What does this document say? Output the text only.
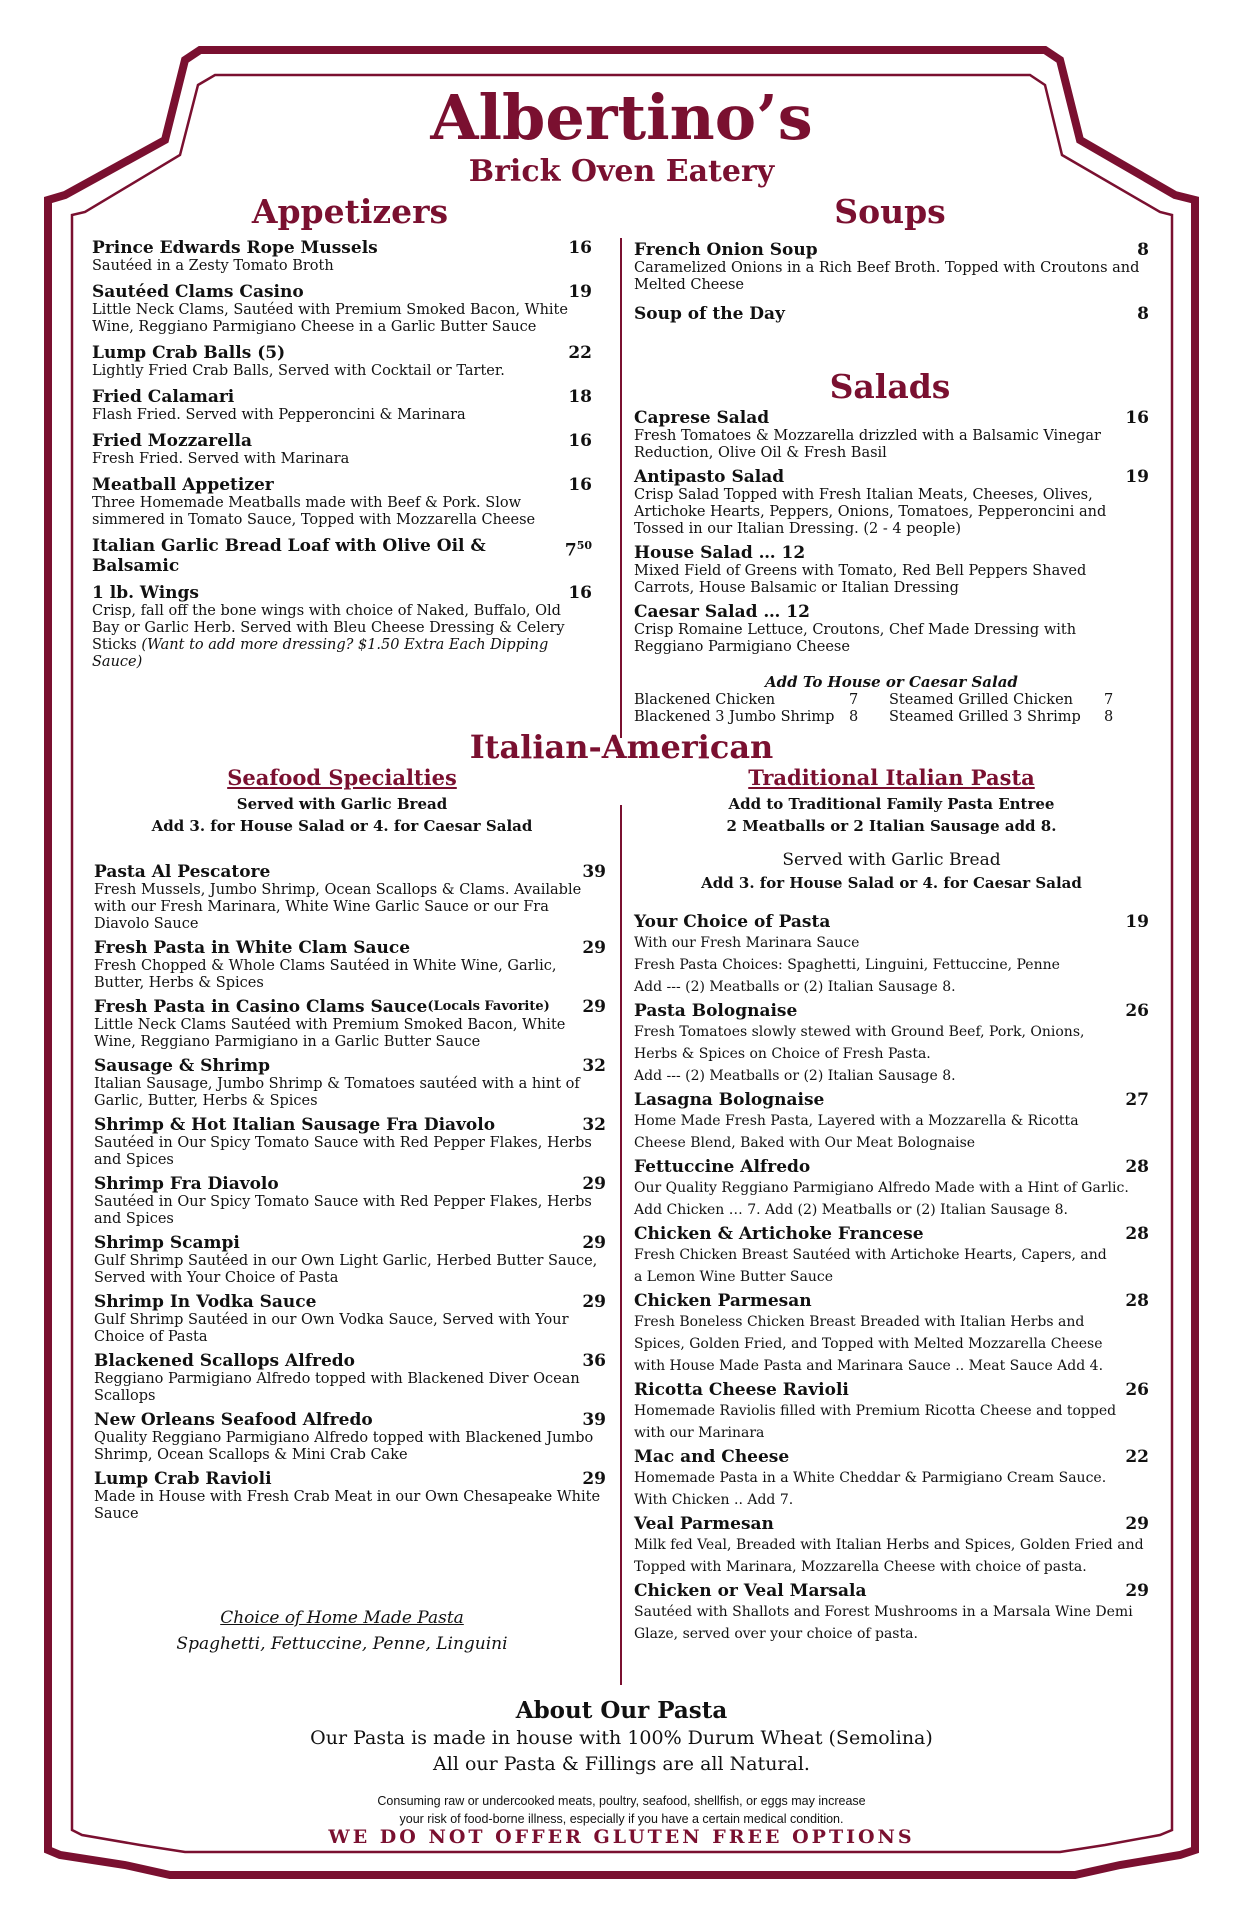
Albertino’s
Brick Oven Eatery
Appetizers
Prince Edwards Rope Mussels	16
Sautéed in a Zesty Tomato Broth
Sautéed Clams Casino	19
Little Neck Clams, Sautéed with Premium Smoked Bacon, White Wine, Reggiano Parmigiano Cheese in a Garlic Butter Sauce
Lump Crab Balls (5)	22
Lightly Fried Crab Balls, Served with Cocktail or Tarter.
Fried Calamari	18
Flash Fried. Served with Pepperoncini & Marinara
Fried Mozzarella	16
Fresh Fried. Served with Marinara
Meatball Appetizer	16
Three Homemade Meatballs made with Beef & Pork. Slow simmered in Tomato Sauce, Topped with Mozzarella Cheese
Italian Garlic Bread Loaf with Olive Oil & Balsamic
$7^{50}$
1 lb. Wings	16
Crisp, fall off the bone wings with choice of Naked, Buffalo, Old Bay or Garlic Herb. Served with Bleu Cheese Dressing & Celery Sticks (Want to add more dressing? $1.50 Extra Each Dipping Sauce)
Soups
French Onion Soup	8
Caramelized Onions in a Rich Beef Broth. Topped with Croutons and Melted Cheese
Soup of the Day	8
Salads
Caprese Salad	16
Fresh Tomatoes & Mozzarella drizzled with a Balsamic Vinegar Reduction, Olive Oil & Fresh Basil
Antipasto Salad	19
Crisp Salad Topped with Fresh Italian Meats, Cheeses, Olives, Artichoke Hearts, Peppers, Onions, Tomatoes, Pepperoncini and Tossed in our Italian Dressing. (2 - 4 people)
House Salad … 12
Mixed Field of Greens with Tomato, Red Bell Peppers Shaved Carrots, House Balsamic or Italian Dressing
Caesar Salad … 12
Crisp Romaine Lettuce, Croutons, Chef Made Dressing with Reggiano Parmigiano Cheese
Add To House or Caesar Salad
Blackened Chicken	7	Steamed Grilled Chicken	7
Blackened 3 Jumbo Shrimp	8	Steamed Grilled 3 Shrimp	8
Italian-American
Seafood Specialties
Served with Garlic Bread
Add 3. for House Salad or 4. for Caesar Salad
Pasta Al Pescatore	39
Fresh Mussels, Jumbo Shrimp, Ocean Scallops & Clams. Available with our Fresh Marinara, White Wine Garlic Sauce or our Fra Diavolo Sauce
Fresh Pasta in White Clam Sauce	29
Fresh Chopped & Whole Clams Sautéed in White Wine, Garlic, Butter, Herbs & Spices
Fresh Pasta in Casino Clams Sauce (Locals Favorite) 29
Little Neck Clams Sautéed with Premium Smoked Bacon, White Wine, Reggiano Parmigiano in a Garlic Butter Sauce
Sausage & Shrimp	32
Italian Sausage, Jumbo Shrimp & Tomatoes sautéed with a hint of Garlic, Butter, Herbs & Spices
Shrimp & Hot Italian Sausage Fra Diavolo	32
Sautéed in Our Spicy Tomato Sauce with Red Pepper Flakes, Herbs and Spices
Shrimp Fra Diavolo	29
Sautéed in Our Spicy Tomato Sauce with Red Pepper Flakes, Herbs and Spices
Shrimp Scampi	29
Gulf Shrimp Sautéed in our Own Light Garlic, Herbed Butter Sauce, Served with Your Choice of Pasta
Shrimp In Vodka Sauce	29
Gulf Shrimp Sautéed in our Own Vodka Sauce, Served with Your Choice of Pasta
Blackened Scallops Alfredo	36
Reggiano Parmigiano Alfredo topped with Blackened Diver Ocean Scallops
New Orleans Seafood Alfredo	39
Quality Reggiano Parmigiano Alfredo topped with Blackened Jumbo Shrimp, Ocean Scallops & Mini Crab Cake
Lump Crab Ravioli	29
Made in House with Fresh Crab Meat in our Own Chesapeake White Sauce
Choice of Home Made Pasta
Spaghetti, Fettuccine, Penne, Linguini
Traditional Italian Pasta
Add to Traditional Family Pasta Entree
2 Meatballs or 2 Italian Sausage add 8.
Served with Garlic Bread
Add 3. for House Salad or 4. for Caesar Salad
Your Choice of Pasta	19
With our Fresh Marinara Sauce
Fresh Pasta Choices: Spaghetti, Linguini, Fettuccine, Penne
Add --- (2) Meatballs or (2) Italian Sausage 8.
Pasta Bolognaise	26
Fresh Tomatoes slowly stewed with Ground Beef, Pork, Onions,
Herbs & Spices on Choice of Fresh Pasta.
Add --- (2) Meatballs or (2) Italian Sausage 8.
Lasagna Bolognaise	27
Home Made Fresh Pasta, Layered with a Mozzarella & Ricotta
Cheese Blend, Baked with Our Meat Bolognaise
Fettuccine Alfredo	28
Our Quality Reggiano Parmigiano Alfredo Made with a Hint of Garlic.
Add Chicken … 7. Add (2) Meatballs or (2) Italian Sausage 8.
Chicken & Artichoke Francese	28
Fresh Chicken Breast Sautéed with Artichoke Hearts, Capers, and
a Lemon Wine Butter Sauce
Chicken Parmesan	28
Fresh Boneless Chicken Breast Breaded with Italian Herbs and
Spices, Golden Fried, and Topped with Melted Mozzarella Cheese
with House Made Pasta and Marinara Sauce .. Meat Sauce Add 4.
Ricotta Cheese Ravioli	26
Homemade Raviolis filled with Premium Ricotta Cheese and topped
with our Marinara
Mac and Cheese	22
Homemade Pasta in a White Cheddar & Parmigiano Cream Sauce.
With Chicken .. Add 7.
Veal Parmesan	29
Milk fed Veal, Breaded with Italian Herbs and Spices, Golden Fried and
Topped with Marinara, Mozzarella Cheese with choice of pasta.
Chicken or Veal Marsala	29
Sautéed with Shallots and Forest Mushrooms in a Marsala Wine Demi
Glaze, served over your choice of pasta.
About Our Pasta
Our Pasta is made in house with 100% Durum Wheat (Semolina)
All our Pasta & Fillings are all Natural.
Consuming raw or undercooked meats, poultry, seafood, shellfish, or eggs may increase
your risk of food-borne illness, especially if you have a certain medical condition.
WE DO NOT OFFER GLUTEN FREE OPTIONS
